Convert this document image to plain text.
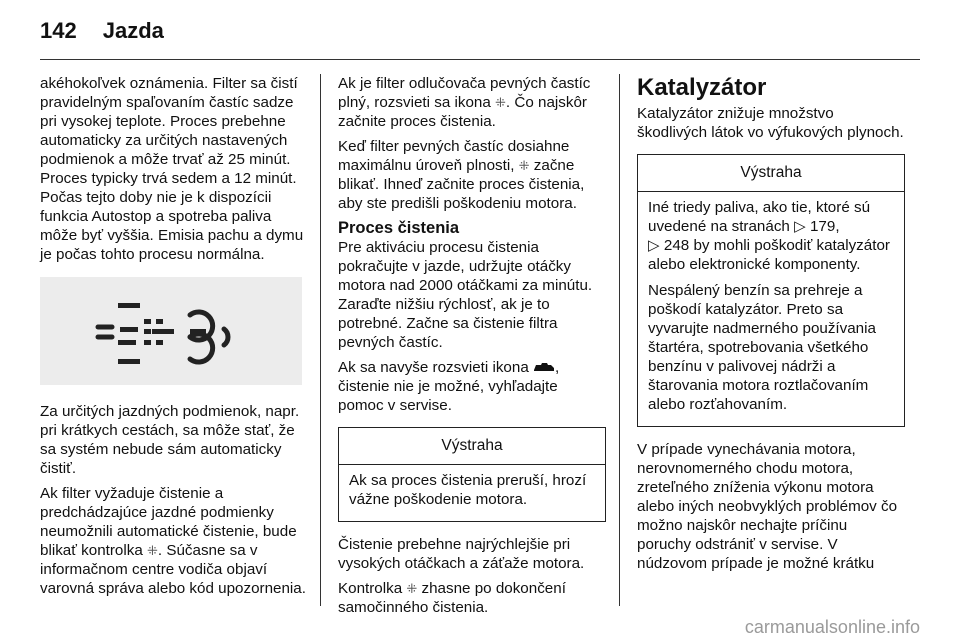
142 Jazda

akéhokoľvek oznámenia. Filter sa čistí pravidelným spaľovaním častíc sadze pri vysokej teplote. Proces prebehne automaticky za určitých nastavených podmienok a môže trvať až 25 minút. Proces typicky trvá sedem a 12 minút. Počas tejto doby nie je k dispozícii funkcia Autostop a spotreba paliva môže byť vyššia. Emisia pachu a dymu je počas tohto procesu normálna.

Za určitých jazdných podmienok, napr. pri krátkych cestách, sa môže stať, že sa systém nebude sám automaticky čistiť.

Ak filter vyžaduje čistenie a predchádzajúce jazdné podmienky neumožnili automatické čistenie, bude blikať kontrolka ⁜. Súčasne sa v informačnom centre vodiča objaví varovná správa alebo kód upozornenia.

Ak je filter odlučovača pevných častíc plný, rozsvieti sa ikona ⁜. Čo najskôr začnite proces čistenia.

Keď filter pevných častíc dosiahne maximálnu úroveň plnosti, ⁜ začne blikať. Ihneď začnite proces čistenia, aby ste predišli poškodeniu motora.

Proces čistenia

Pre aktiváciu procesu čistenia pokračujte v jazde, udržujte otáčky motora nad 2000 otáčkami za minútu. Zaraďte nižšiu rýchlosť, ak je to potrebné. Začne sa čistenie filtra pevných častíc.

Ak sa navyše rozsvieti ikona , čistenie nie je možné, vyhľadajte pomoc v servise.

Výstraha

Ak sa proces čistenia preruší, hrozí vážne poškodenie motora.

Čistenie prebehne najrýchlejšie pri vysokých otáčkach a záťaže motora.

Kontrolka ⁜ zhasne po dokončení samočinného čistenia.

Katalyzátor

Katalyzátor znižuje množstvo škodlivých látok vo výfukových plynoch.

Výstraha

Iné triedy paliva, ako tie, ktoré sú uvedené na stranách ▷ 179,
▷ 248 by mohli poškodiť katalyzátor alebo elektronické komponenty.

Nespálený benzín sa prehreje a poškodí katalyzátor. Preto sa vyvarujte nadmerného používania štartéra, spotrebovania všetkého benzínu v palivovej nádrži a štarovania motora roztlačovaním alebo rozťahovaním.

V prípade vynechávania motora, nerovnomerného chodu motora, zreteľného zníženia výkonu motora alebo iných neobvyklých problémov čo možno najskôr nechajte príčinu poruchy odstrániť v servise. V núdzovom prípade je možné krátku

carmanualsonline.info
